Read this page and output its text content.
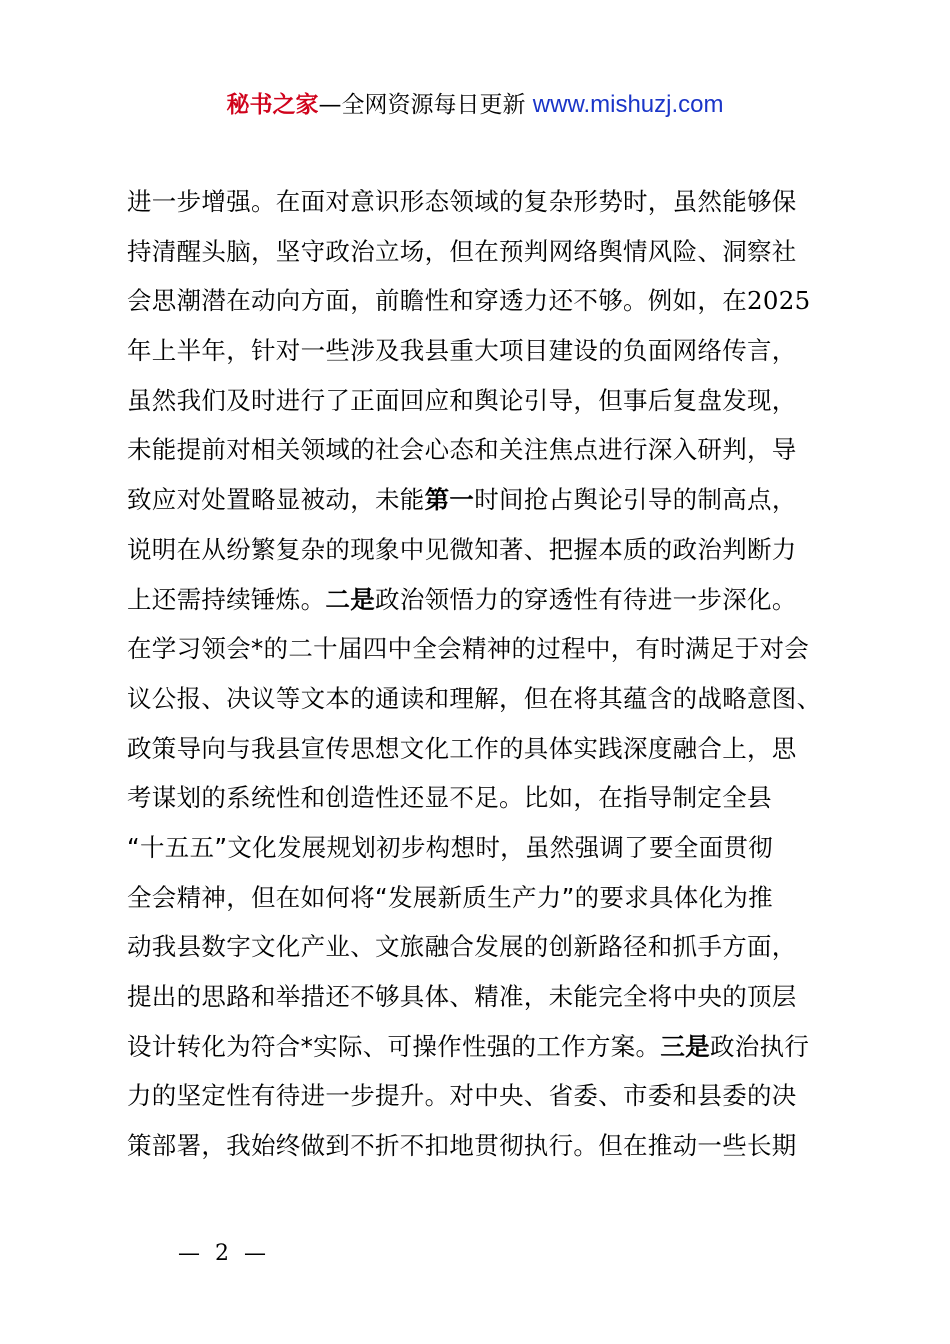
秘书之家—全网资源每日更新 www.mishuzj.com
进一步增强。在面对意识形态领域的复杂形势时，虽然能够保
持清醒头脑，坚守政治立场，但在预判网络舆情风险、洞察社
会思潮潜在动向方面，前瞻性和穿透力还不够。例如，在2025
年上半年，针对一些涉及我县重大项目建设的负面网络传言，
虽然我们及时进行了正面回应和舆论引导，但事后复盘发现，
未能提前对相关领域的社会心态和关注焦点进行深入研判，导
致应对处置略显被动，未能第一时间抢占舆论引导的制高点，
说明在从纷繁复杂的现象中见微知著、把握本质的政治判断力
上还需持续锤炼。二是政治领悟力的穿透性有待进一步深化。
在学习领会*的二十届四中全会精神的过程中，有时满足于对会
议公报、决议等文本的通读和理解，但在将其蕴含的战略意图、
政策导向与我县宣传思想文化工作的具体实践深度融合上，思
考谋划的系统性和创造性还显不足。比如，在指导制定全县
“十五五”文化发展规划初步构想时，虽然强调了要全面贯彻
全会精神，但在如何将“发展新质生产力”的要求具体化为推
动我县数字文化产业、文旅融合发展的创新路径和抓手方面，
提出的思路和举措还不够具体、精准，未能完全将中央的顶层
设计转化为符合*实际、可操作性强的工作方案。三是政治执行
力的坚定性有待进一步提升。对中央、省委、市委和县委的决
策部署，我始终做到不折不扣地贯彻执行。但在推动一些长期
— 2 —
